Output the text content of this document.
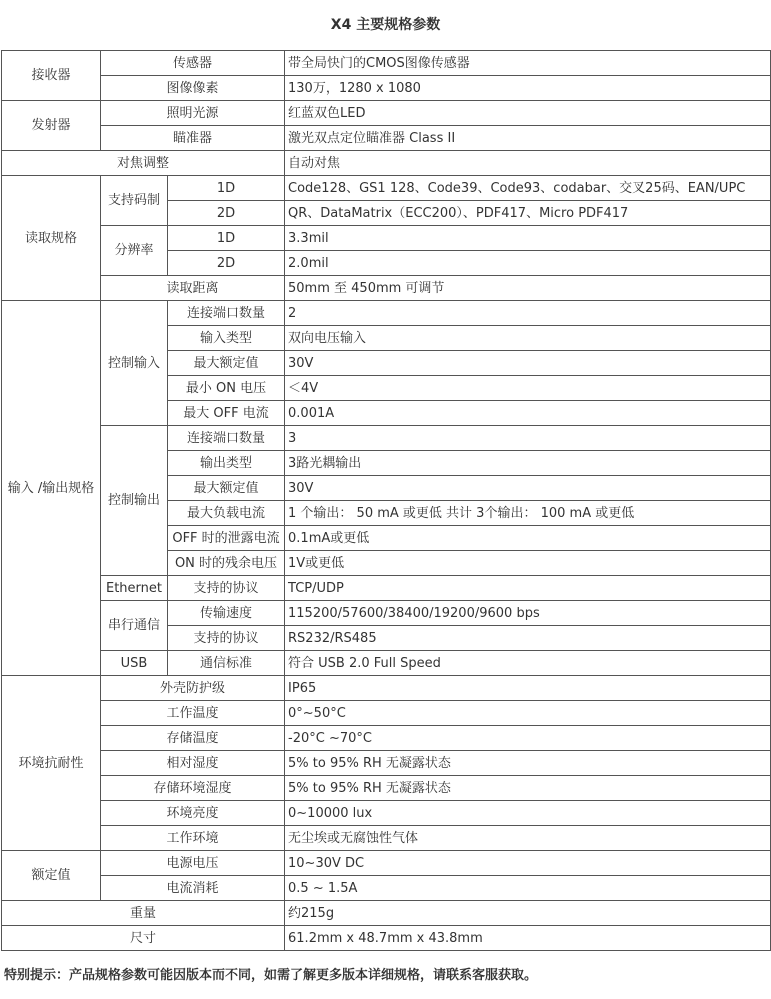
X4 主要规格参数
接收器	传感器		带全局快门的CMOS图像传感器
	图像像素		130万，1280 x 1080
发射器	照明光源		红蓝双色LED
	瞄准器		激光双点定位瞄准器 Class II
对焦调整			自动对焦
读取规格	支持码制	1D	Code128、GS1 128、Code39、Code93、codabar、交叉25码、EAN/UPC
		2D	QR、DataMatrix（ECC200）、PDF417、Micro PDF417
	分辨率	1D	3.3mil
		2D	2.0mil
	读取距离		50mm 至 450mm 可调节
输入 /输出规格	控制输入	连接端口数量	2
		输入类型	双向电压输入
		最大额定值	30V
		最小 ON 电压	＜4V
		最大 OFF 电流	0.001A
	控制输出	连接端口数量	3
		输出类型	3路光耦输出
		最大额定值	30V
		最大负载电流	1 个输出： 50 mA 或更低 共计 3个输出： 100 mA 或更低
		OFF 时的泄露电流	0.1mA或更低
		ON 时的残余电压	1V或更低
	Ethernet	支持的协议	TCP/UDP
	串行通信	传输速度	115200/57600/38400/19200/9600 bps
		支持的协议	RS232/RS485
	USB	通信标准	符合 USB 2.0 Full Speed
环境抗耐性	外壳防护级		IP65
	工作温度		0°~50°C
	存储温度		-20°C ~70°C
	相对湿度		5% to 95% RH 无凝露状态
	存储环境湿度		5% to 95% RH 无凝露状态
	环境亮度		0~10000 lux
	工作环境		无尘埃或无腐蚀性气体
额定值	电源电压		10~30V DC
	电流消耗		0.5 ~ 1.5A
重量			约215g
尺寸			61.2mm x 48.7mm x 43.8mm
特别提示：产品规格参数可能因版本而不同，如需了解更多版本详细规格，请联系客服获取。
